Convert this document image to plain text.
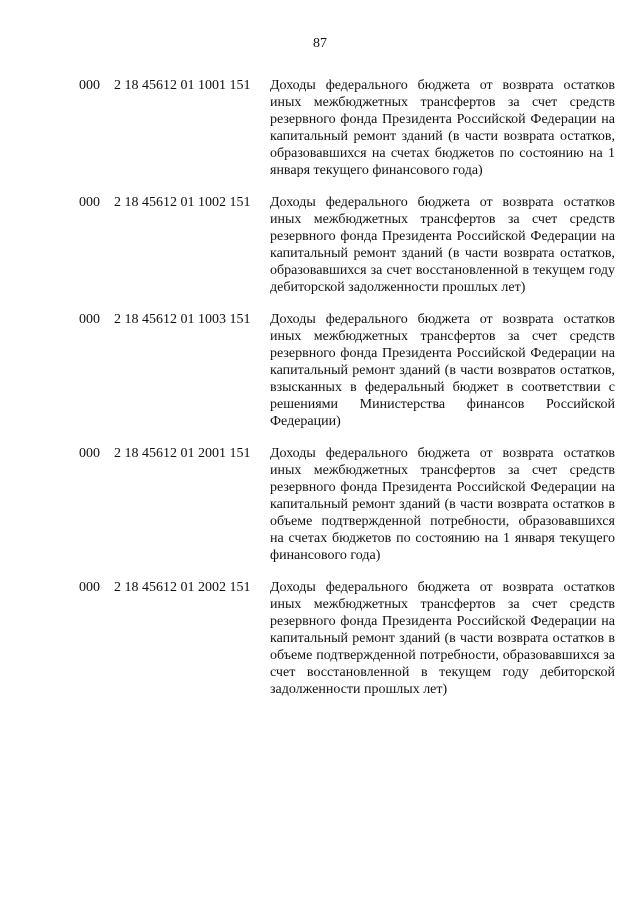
87
000	2 18 45612 01 1001 151	Доходы федерального бюджета от возврата остатков иных межбюджетных трансфертов за счет средств резервного фонда Президента Российской Федерации на капитальный ремонт зданий (в части возврата остатков, образовавшихся на счетах бюджетов по состоянию на 1 января текущего финансового года)
000	2 18 45612 01 1002 151	Доходы федерального бюджета от возврата остатков иных межбюджетных трансфертов за счет средств резервного фонда Президента Российской Федерации на капитальный ремонт зданий (в части возврата остатков, образовавшихся за счет восстановленной в текущем году дебиторской задолженности прошлых лет)
000	2 18 45612 01 1003 151	Доходы федерального бюджета от возврата остатков иных межбюджетных трансфертов за счет средств резервного фонда Президента Российской Федерации на капитальный ремонт зданий (в части возвратов остатков, взысканных в федеральный бюджет в соответствии с решениями Министерства финансов Российской Федерации)
000	2 18 45612 01 2001 151	Доходы федерального бюджета от возврата остатков иных межбюджетных трансфертов за счет средств резервного фонда Президента Российской Федерации на капитальный ремонт зданий (в части возврата остатков в объеме подтвержденной потребности, образовавшихся на счетах бюджетов по состоянию на 1 января текущего финансового года)
000	2 18 45612 01 2002 151	Доходы федерального бюджета от возврата остатков иных межбюджетных трансфертов за счет средств резервного фонда Президента Российской Федерации на капитальный ремонт зданий (в части возврата остатков в объеме подтвержденной потребности, образовавшихся за счет восстановленной в текущем году дебиторской задолженности прошлых лет)
